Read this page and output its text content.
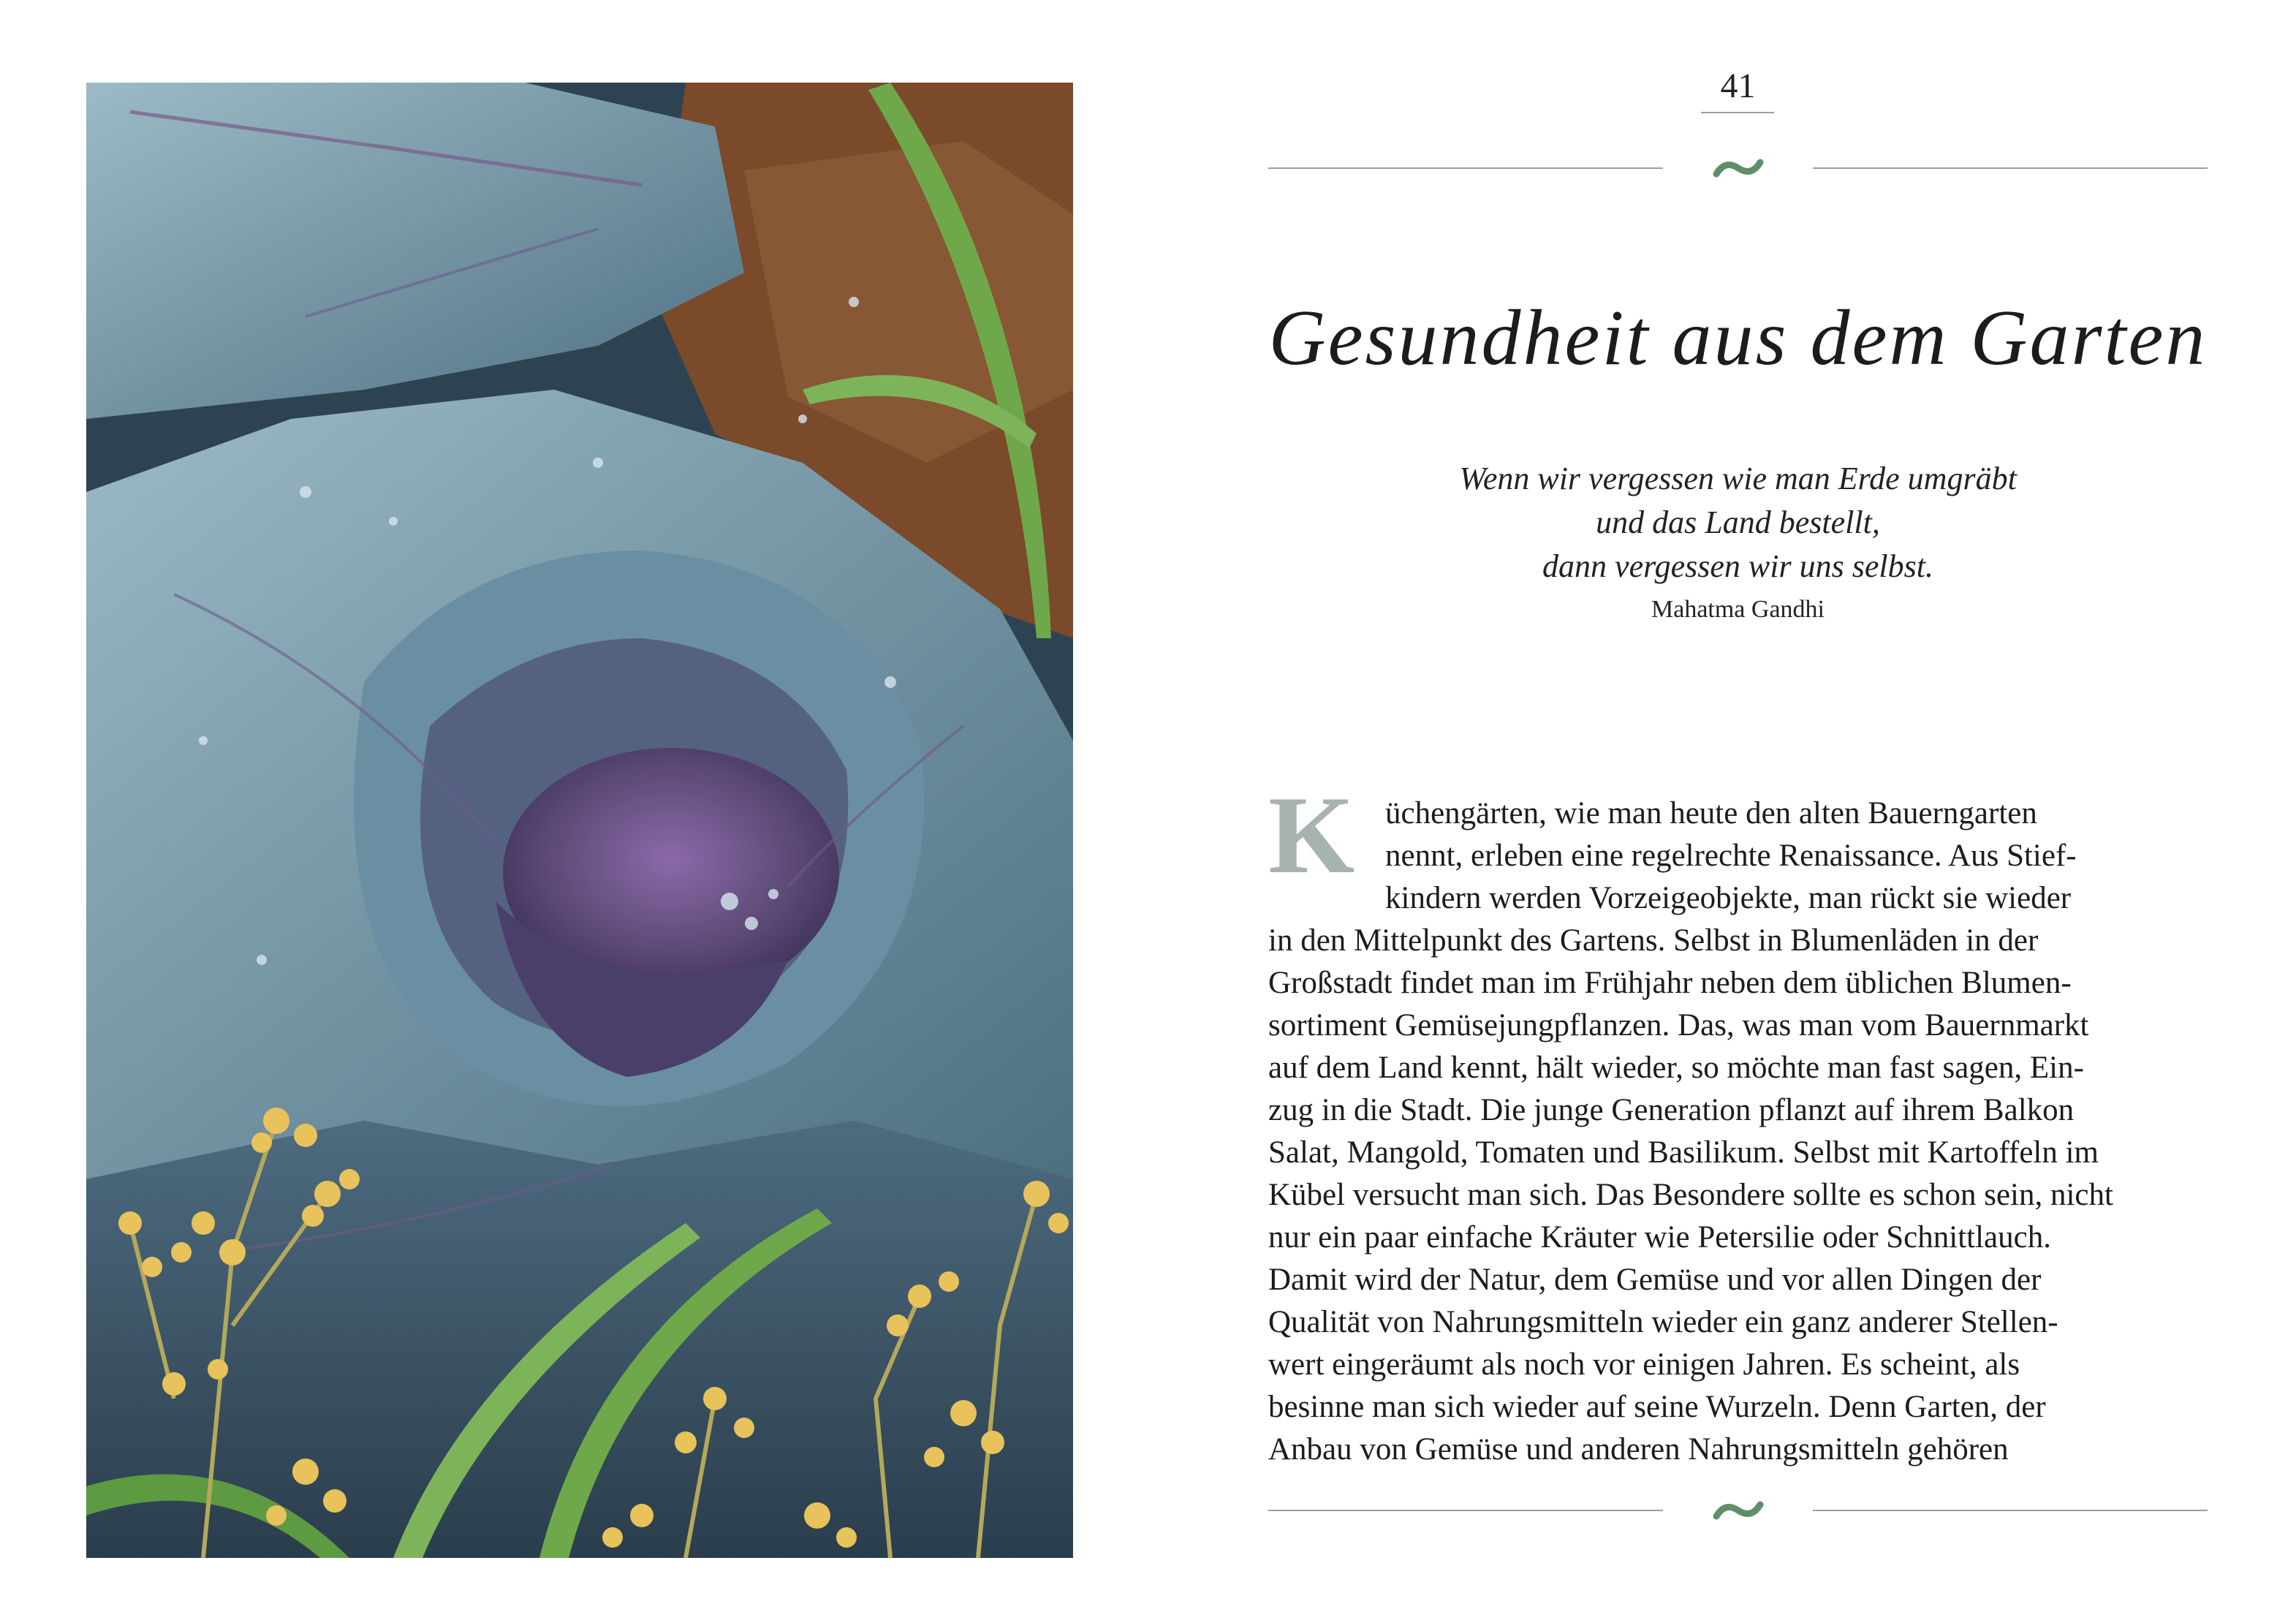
41
Gesundheit aus dem Garten
Wenn wir vergessen wie man Erde umgräbt
und das Land bestellt,
dann vergessen wir uns selbst.
Mahatma Gandhi
K üchengärten, wie man heute den alten Bauerngarten
nennt, erleben eine regelrechte Renaissance. Aus Stief-
kindern werden Vorzeigeobjekte, man rückt sie wieder
in den Mittelpunkt des Gartens. Selbst in Blumenläden in der
Großstadt findet man im Frühjahr neben dem üblichen Blumen-
sortiment Gemüsejungpflanzen. Das, was man vom Bauernmarkt
auf dem Land kennt, hält wieder, so möchte man fast sagen, Ein-
zug in die Stadt. Die junge Generation pflanzt auf ihrem Balkon
Salat, Mangold, Tomaten und Basilikum. Selbst mit Kartoffeln im
Kübel versucht man sich. Das Besondere sollte es schon sein, nicht
nur ein paar einfache Kräuter wie Petersilie oder Schnittlauch.
Damit wird der Natur, dem Gemüse und vor allen Dingen der
Qualität von Nahrungsmitteln wieder ein ganz anderer Stellen-
wert eingeräumt als noch vor einigen Jahren. Es scheint, als
besinne man sich wieder auf seine Wurzeln. Denn Garten, der
Anbau von Gemüse und anderen Nahrungsmitteln gehören
